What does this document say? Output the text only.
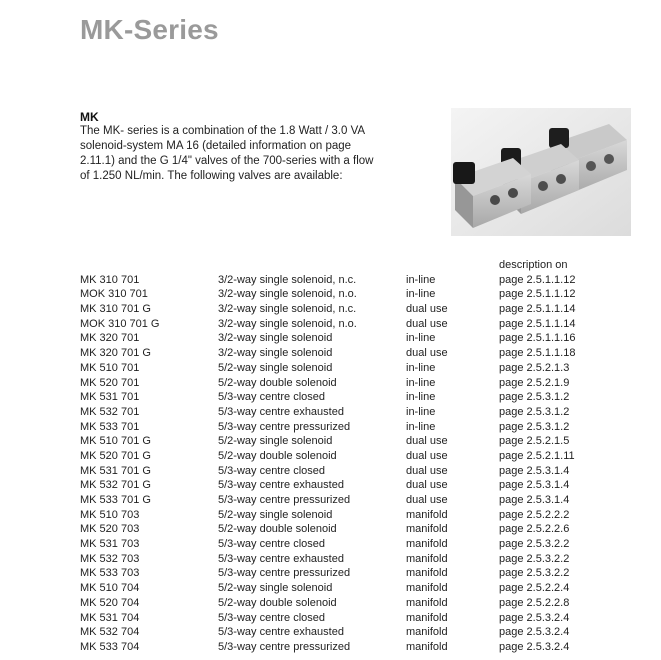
MK-Series
MK
The MK- series is a combination of the 1.8 Watt / 3.0 VA
solenoid-system MA 16 (detailed information on page
2.11.1) and the G 1/4" valves of the 700-series with a flow
of 1.250 NL/min. The following valves are available:
description on
MK 310 701	3/2-way single solenoid, n.c.	in-line	page 2.5.1.1.12
MOK 310 701	3/2-way single solenoid, n.o.	in-line	page 2.5.1.1.12
MK 310 701 G	3/2-way single solenoid, n.c.	dual use	page 2.5.1.1.14
MOK 310 701 G	3/2-way single solenoid, n.o.	dual use	page 2.5.1.1.14
MK 320 701	3/2-way single solenoid	in-line	page 2.5.1.1.16
MK 320 701 G	3/2-way single solenoid	dual use	page 2.5.1.1.18
MK 510 701	5/2-way single solenoid	in-line	page 2.5.2.1.3
MK 520 701	5/2-way double solenoid	in-line	page 2.5.2.1.9
MK 531 701	5/3-way centre closed	in-line	page 2.5.3.1.2
MK 532 701	5/3-way centre exhausted	in-line	page 2.5.3.1.2
MK 533 701	5/3-way centre pressurized	in-line	page 2.5.3.1.2
MK 510 701 G	5/2-way single solenoid	dual use	page 2.5.2.1.5
MK 520 701 G	5/2-way double solenoid	dual use	page 2.5.2.1.11
MK 531 701 G	5/3-way centre closed	dual use	page 2.5.3.1.4
MK 532 701 G	5/3-way centre exhausted	dual use	page 2.5.3.1.4
MK 533 701 G	5/3-way centre pressurized	dual use	page 2.5.3.1.4
MK 510 703	5/2-way single solenoid	manifold	page 2.5.2.2.2
MK 520 703	5/2-way double solenoid	manifold	page 2.5.2.2.6
MK 531 703	5/3-way centre closed	manifold	page 2.5.3.2.2
MK 532 703	5/3-way centre exhausted	manifold	page 2.5.3.2.2
MK 533 703	5/3-way centre pressurized	manifold	page 2.5.3.2.2
MK 510 704	5/2-way single solenoid	manifold	page 2.5.2.2.4
MK 520 704	5/2-way double solenoid	manifold	page 2.5.2.2.8
MK 531 704	5/3-way centre closed	manifold	page 2.5.3.2.4
MK 532 704	5/3-way centre exhausted	manifold	page 2.5.3.2.4
MK 533 704	5/3-way centre pressurized	manifold	page 2.5.3.2.4
